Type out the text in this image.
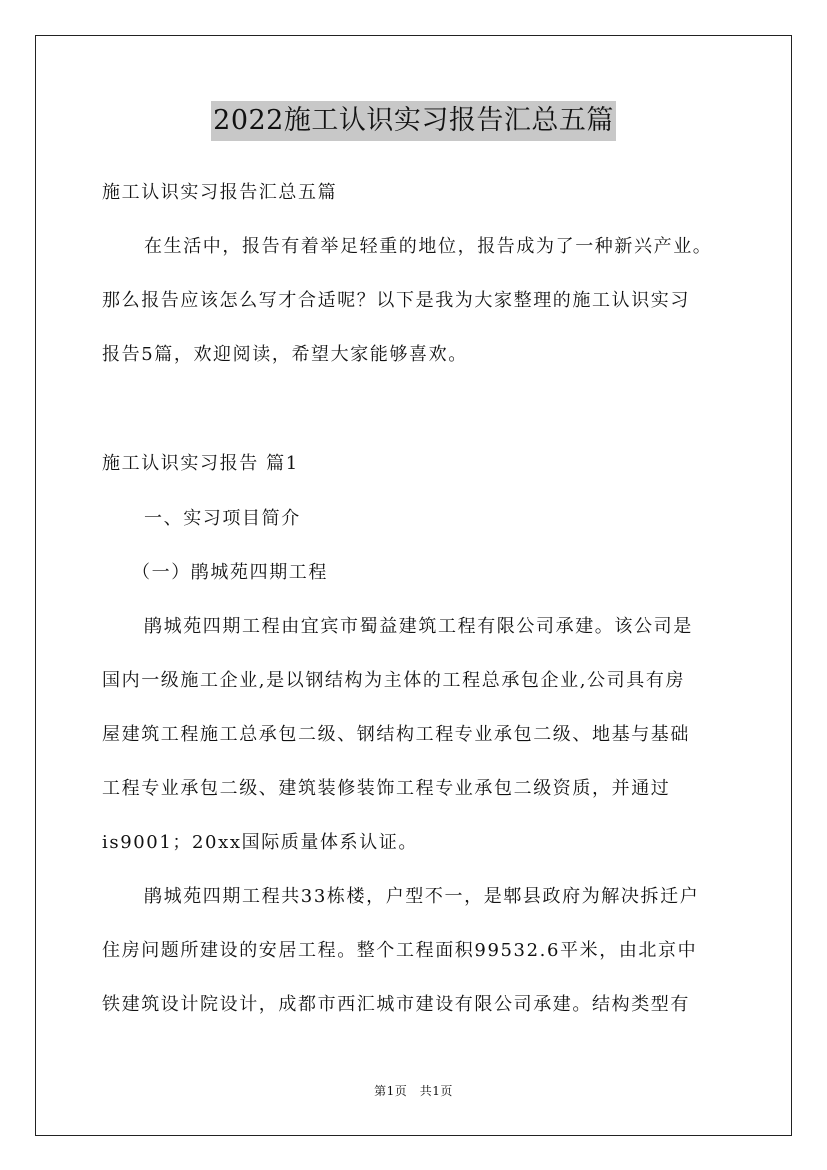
2022施工认识实习报告汇总五篇
施工认识实习报告汇总五篇
在生活中，报告有着举足轻重的地位，报告成为了一种新兴产业。
那么报告应该怎么写才合适呢？以下是我为大家整理的施工认识实习
报告5篇，欢迎阅读，希望大家能够喜欢。
施工认识实习报告 篇1
一、实习项目简介
（一）鹃城苑四期工程
鹃城苑四期工程由宜宾市蜀益建筑工程有限公司承建。该公司是
国内一级施工企业,是以钢结构为主体的工程总承包企业,公司具有房
屋建筑工程施工总承包二级、钢结构工程专业承包二级、地基与基础
工程专业承包二级、建筑装修装饰工程专业承包二级资质，并通过
is9001；20xx国际质量体系认证。
鹃城苑四期工程共33栋楼，户型不一，是郫县政府为解决拆迁户
住房问题所建设的安居工程。整个工程面积99532.6平米，由北京中
铁建筑设计院设计，成都市西汇城市建设有限公司承建。结构类型有
第1页　共1页
